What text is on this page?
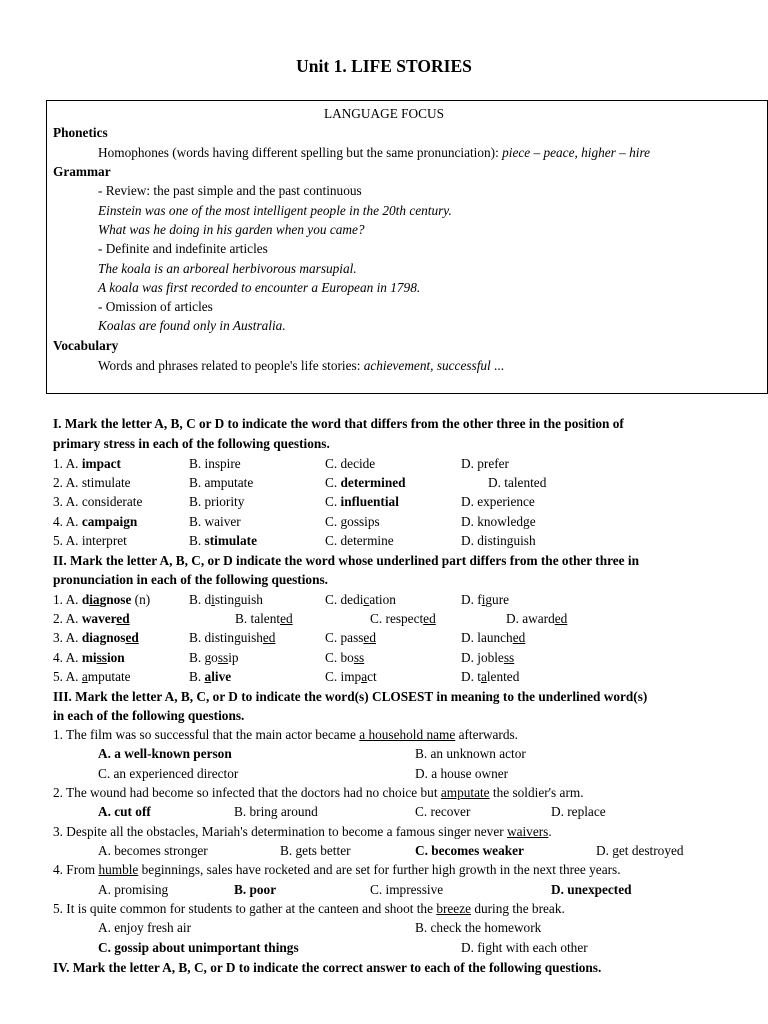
Unit 1. LIFE STORIES
LANGUAGE FOCUS
Phonetics
Homophones (words having different spelling but the same pronunciation): piece – peace, higher – hire
Grammar
- Review: the past simple and the past continuous
Einstein was one of the most intelligent people in the 20th century.
What was he doing in his garden when you came?
- Definite and indefinite articles
The koala is an arboreal herbivorous marsupial.
A koala was first recorded to encounter a European in 1798.
- Omission of articles
Koalas are found only in Australia.
Vocabulary
Words and phrases related to people's life stories: achievement, successful ...
I. Mark the letter A, B, C or D to indicate the word that differs from the other three in the position of
primary stress in each of the following questions.
1. A. impact	B. inspire	C. decide	D. prefer
2. A. stimulate	B. amputate	C. determined	D. talented
3. A. considerate	B. priority	C. influential	D. experience
4. A. campaign	B. waiver	C. gossips	D. knowledge
5. A. interpret	B. stimulate	C. determine	D. distinguish
II. Mark the letter A, B, C, or D indicate the word whose underlined part differs from the other three in
pronunciation in each of the following questions.
1. A. diagnose (n)	B. distinguish	C. dedication	D. figure
2. A. wavered	B. talented	C. respected	D. awarded
3. A. diagnosed	B. distinguished	C. passed	D. launched
4. A. mission	B. gossip	C. boss	D. jobless
5. A. amputate	B. alive	C. impact	D. talented
III. Mark the letter A, B, C, or D to indicate the word(s) CLOSEST in meaning to the underlined word(s)
in each of the following questions.
1. The film was so successful that the main actor became a household name afterwards.
A. a well-known person	B. an unknown actor
C. an experienced director	D. a house owner
2. The wound had become so infected that the doctors had no choice but amputate the soldier's arm.
A. cut off	B. bring around	C. recover	D. replace
3. Despite all the obstacles, Mariah's determination to become a famous singer never waivers.
A. becomes stronger	B. gets better	C. becomes weaker	D. get destroyed
4. From humble beginnings, sales have rocketed and are set for further high growth in the next three years.
A. promising	B. poor	C. impressive	D. unexpected
5. It is quite common for students to gather at the canteen and shoot the breeze during the break.
A. enjoy fresh air	B. check the homework
C. gossip about unimportant things	D. fight with each other
IV. Mark the letter A, B, C, or D to indicate the correct answer to each of the following questions.
